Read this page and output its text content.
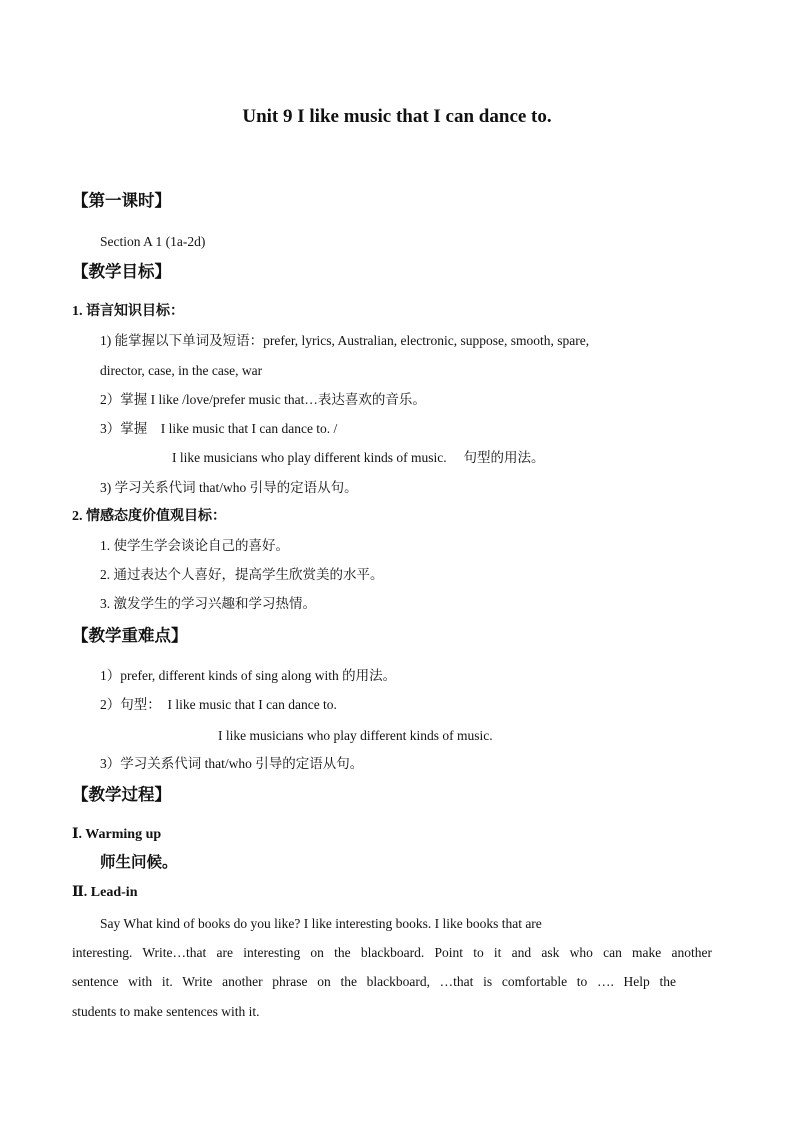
Unit 9 I like music that I can dance to.
【第一课时】
Section A 1 (1a-2d)
【教学目标】
1. 语言知识目标：
1) 能掌握以下单词及短语：prefer, lyrics, Australian, electronic, suppose, smooth, spare,
director, case, in the case, war
2）掌握 I like /love/prefer music that…表达喜欢的音乐。
3）掌握　I like music that I can dance to. /
I like musicians who play different kinds of music.　 句型的用法。
3) 学习关系代词 that/who 引导的定语从句。
2. 情感态度价值观目标：
1. 使学生学会谈论自己的喜好。
2. 通过表达个人喜好，提高学生欣赏美的水平。
3. 激发学生的学习兴趣和学习热情。
【教学重难点】
1）prefer, different kinds of sing along with 的用法。
2）句型：　I like music that I can dance to.
I like musicians who play different kinds of music.
3）学习关系代词 that/who 引导的定语从句。
【教学过程】
Ⅰ. Warming up
师生问候。
Ⅱ. Lead-in
Say What kind of books do you like? I like interesting books. I like books that are
interesting. Write…that are interesting on the blackboard. Point to it and ask who can make another
sentence with it. Write another phrase on the blackboard, …that is comfortable to …. Help the
students to make sentences with it.
